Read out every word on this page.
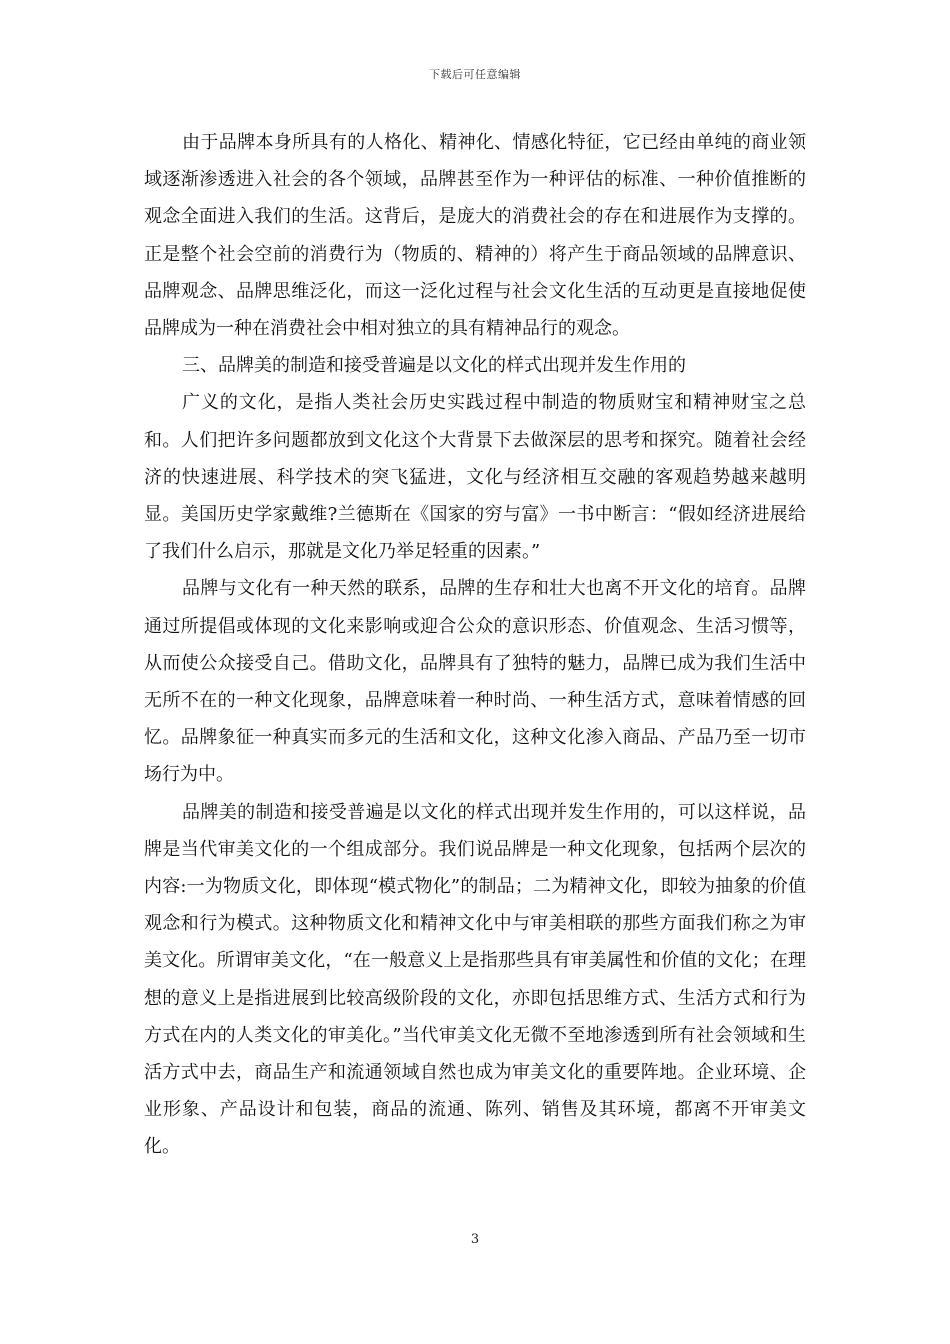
下载后可任意编辑

由于品牌本身所具有的人格化、精神化、情感化特征，它已经由单纯的商业领域逐渐渗透进入社会的各个领域，品牌甚至作为一种评估的标准、一种价值推断的观念全面进入我们的生活。这背后，是庞大的消费社会的存在和进展作为支撑的。正是整个社会空前的消费行为（物质的、精神的）将产生于商品领域的品牌意识、品牌观念、品牌思维泛化，而这一泛化过程与社会文化生活的互动更是直接地促使品牌成为一种在消费社会中相对独立的具有精神品行的观念。

三、品牌美的制造和接受普遍是以文化的样式出现并发生作用的

广义的文化，是指人类社会历史实践过程中制造的物质财宝和精神财宝之总和。人们把许多问题都放到文化这个大背景下去做深层的思考和探究。随着社会经济的快速进展、科学技术的突飞猛进，文化与经济相互交融的客观趋势越来越明显。美国历史学家戴维?兰德斯在《国家的穷与富》一书中断言：“假如经济进展给了我们什么启示，那就是文化乃举足轻重的因素。”

品牌与文化有一种天然的联系，品牌的生存和壮大也离不开文化的培育。品牌通过所提倡或体现的文化来影响或迎合公众的意识形态、价值观念、生活习惯等，从而使公众接受自己。借助文化，品牌具有了独特的魅力，品牌已成为我们生活中无所不在的一种文化现象，品牌意味着一种时尚、一种生活方式，意味着情感的回忆。品牌象征一种真实而多元的生活和文化，这种文化渗入商品、产品乃至一切市场行为中。

品牌美的制造和接受普遍是以文化的样式出现并发生作用的，可以这样说，品牌是当代审美文化的一个组成部分。我们说品牌是一种文化现象，包括两个层次的内容:一为物质文化，即体现“模式物化”的制品；二为精神文化，即较为抽象的价值观念和行为模式。这种物质文化和精神文化中与审美相联的那些方面我们称之为审美文化。所谓审美文化，“在一般意义上是指那些具有审美属性和价值的文化；在理想的意义上是指进展到比较高级阶段的文化，亦即包括思维方式、生活方式和行为方式在内的人类文化的审美化。”当代审美文化无微不至地渗透到所有社会领域和生活方式中去，商品生产和流通领域自然也成为审美文化的重要阵地。企业环境、企业形象、产品设计和包装，商品的流通、陈列、销售及其环境，都离不开审美文化。

3
